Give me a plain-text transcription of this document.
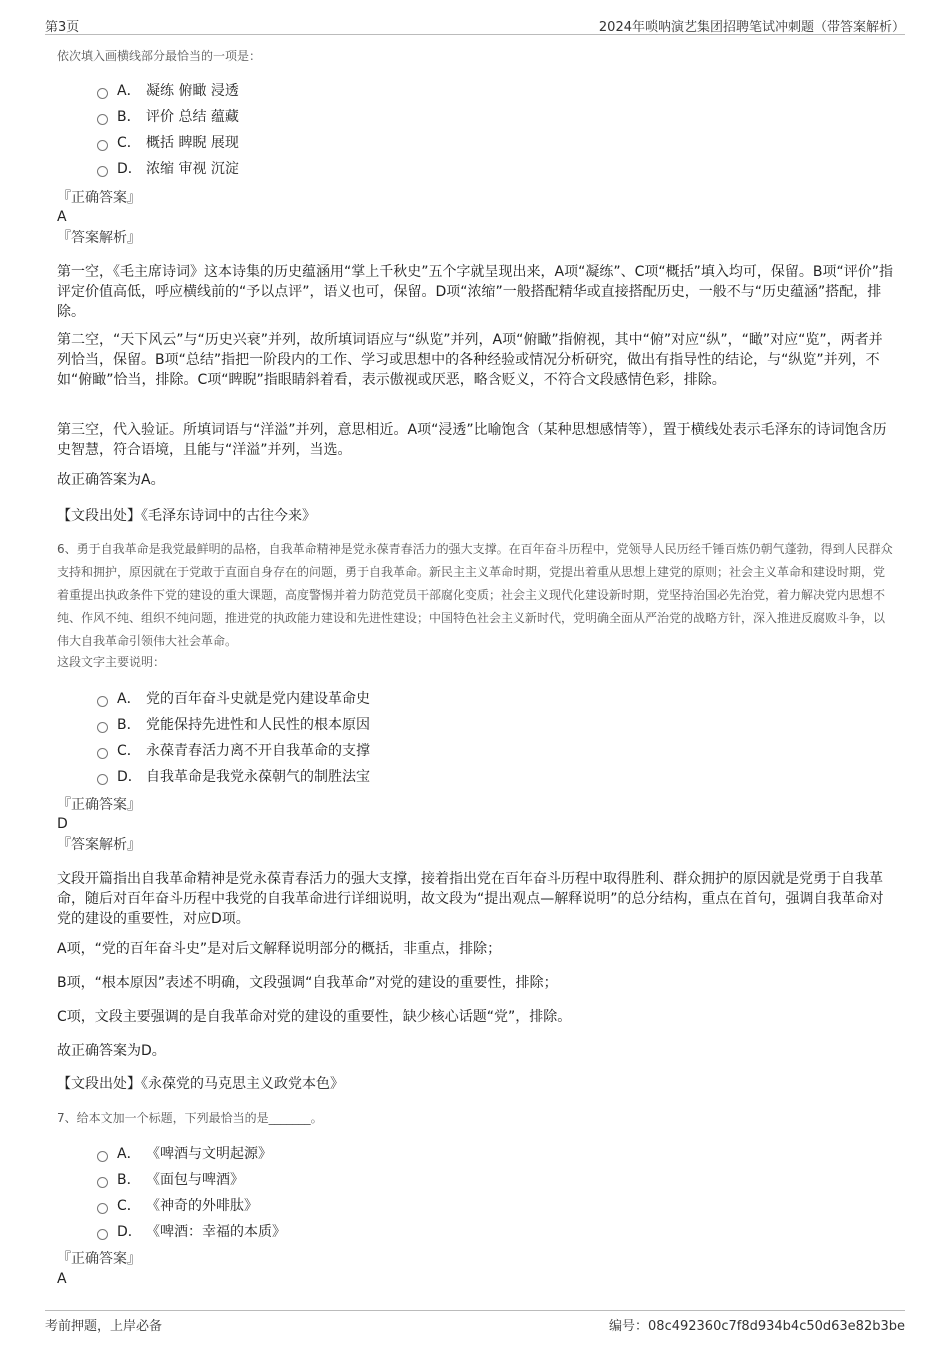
第3页	2024年唢呐演艺集团招聘笔试冲刺题（带答案解析）
依次填入画横线部分最恰当的一项是：
A． 凝练 俯瞰 浸透
B． 评价 总结 蕴藏
C． 概括 睥睨 展现
D． 浓缩 审视 沉淀
『正确答案』
A
『答案解析』
第一空，《毛主席诗词》这本诗集的历史蕴涵用“掌上千秋史”五个字就呈现出来，A项“凝练”、C项“概括”填入均可，保留。B项“评价”指评定价值高低，呼应横线前的“予以点评”，语义也可，保留。D项“浓缩”一般搭配精华或直接搭配历史，一般不与“历史蕴涵”搭配，排除。
第二空，“天下风云”与“历史兴衰”并列，故所填词语应与“纵览”并列，A项“俯瞰”指俯视，其中“俯”对应“纵”，“瞰”对应“览”，两者并列恰当，保留。B项“总结”指把一阶段内的工作、学习或思想中的各种经验或情况分析研究，做出有指导性的结论，与“纵览”并列，不如“俯瞰”恰当，排除。C项“睥睨”指眼睛斜着看，表示傲视或厌恶，略含贬义，不符合文段感情色彩，排除。
第三空，代入验证。所填词语与“洋溢”并列，意思相近。A项“浸透”比喻饱含（某种思想感情等），置于横线处表示毛泽东的诗词饱含历史智慧，符合语境，且能与“洋溢”并列，当选。
故正确答案为A。
【文段出处】《毛泽东诗词中的古往今来》
6、勇于自我革命是我党最鲜明的品格，自我革命精神是党永葆青春活力的强大支撑。在百年奋斗历程中，党领导人民历经千锤百炼仍朝气蓬勃，得到人民群众支持和拥护，原因就在于党敢于直面自身存在的问题，勇于自我革命。新民主主义革命时期，党提出着重从思想上建党的原则；社会主义革命和建设时期，党着重提出执政条件下党的建设的重大课题，高度警惕并着力防范党员干部腐化变质；社会主义现代化建设新时期，党坚持治国必先治党，着力解决党内思想不纯、作风不纯、组织不纯问题，推进党的执政能力建设和先进性建设；中国特色社会主义新时代，党明确全面从严治党的战略方针，深入推进反腐败斗争，以伟大自我革命引领伟大社会革命。
这段文字主要说明：
A． 党的百年奋斗史就是党内建设革命史
B． 党能保持先进性和人民性的根本原因
C． 永葆青春活力离不开自我革命的支撑
D． 自我革命是我党永葆朝气的制胜法宝
『正确答案』
D
『答案解析』
文段开篇指出自我革命精神是党永葆青春活力的强大支撑，接着指出党在百年奋斗历程中取得胜利、群众拥护的原因就是党勇于自我革命，随后对百年奋斗历程中我党的自我革命进行详细说明，故文段为“提出观点—解释说明”的总分结构，重点在首句，强调自我革命对党的建设的重要性，对应D项。
A项，“党的百年奋斗史”是对后文解释说明部分的概括，非重点，排除；
B项，“根本原因”表述不明确，文段强调“自我革命”对党的建设的重要性，排除；
C项，文段主要强调的是自我革命对党的建设的重要性，缺少核心话题“党”，排除。
故正确答案为D。
【文段出处】《永葆党的马克思主义政党本色》
7、给本文加一个标题，下列最恰当的是_______。
A． 《啤酒与文明起源》
B． 《面包与啤酒》
C． 《神奇的外啡肽》
D． 《啤酒：幸福的本质》
『正确答案』
A
考前押题，上岸必备	编号：08c492360c7f8d934b4c50d63e82b3be
